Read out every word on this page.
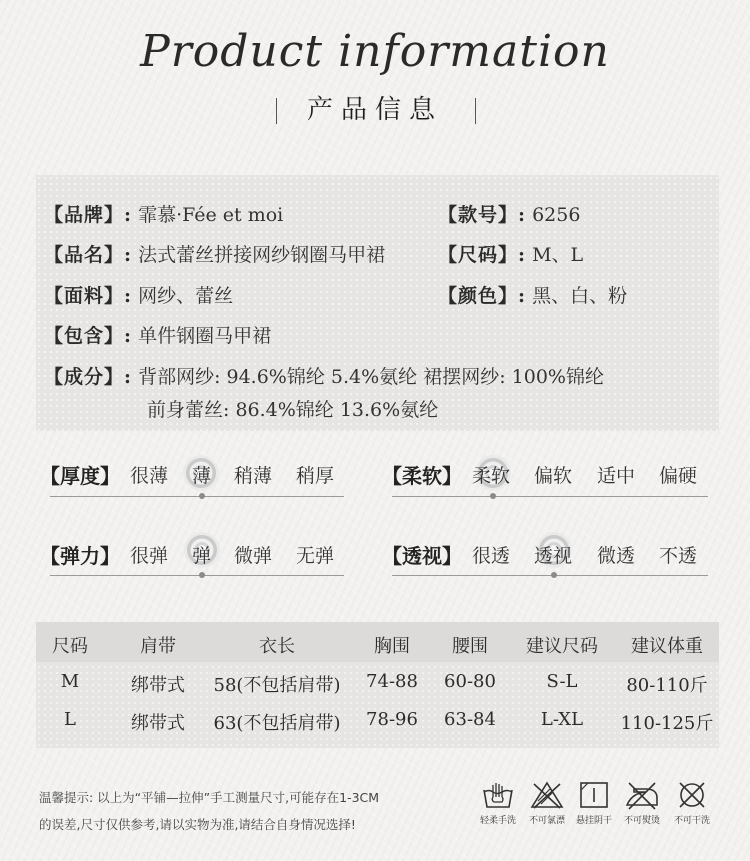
Product information
产品信息
【品牌】: 霏慕·Fée et moi	【款号】: 6256
【品名】: 法式蕾丝拼接网纱钢圈马甲裙	【尺码】: M、L
【面料】: 网纱、蕾丝	【颜色】: 黑、白、粉
【包含】: 单件钢圈马甲裙
【成分】: 背部网纱: 94.6%锦纶 5.4%氨纶 裙摆网纱: 100%锦纶
前身蕾丝: 86.4%锦纶 13.6%氨纶
【厚度】 很薄 薄 稍薄 稍厚 【柔软】 柔软 偏软 适中 偏硬
【弹力】 很弹 弹 微弹 无弹 【透视】 很透 透视 微透 不透
尺码	肩带	衣长	胸围	腰围	建议尺码	建议体重
M	绑带式	58(不包括肩带)	74-88	60-80	S-L	80-110斤
L	绑带式	63(不包括肩带)	78-96	63-84	L-XL	110-125斤
温馨提示: 以上为“平铺—拉伸”手工测量尺寸,可能存在1-3CM
的误差,尺寸仅供参考,请以实物为准,请结合自身情况选择!	轻柔手洗	不可氯漂	悬挂阴干	不可熨烫	不可干洗
